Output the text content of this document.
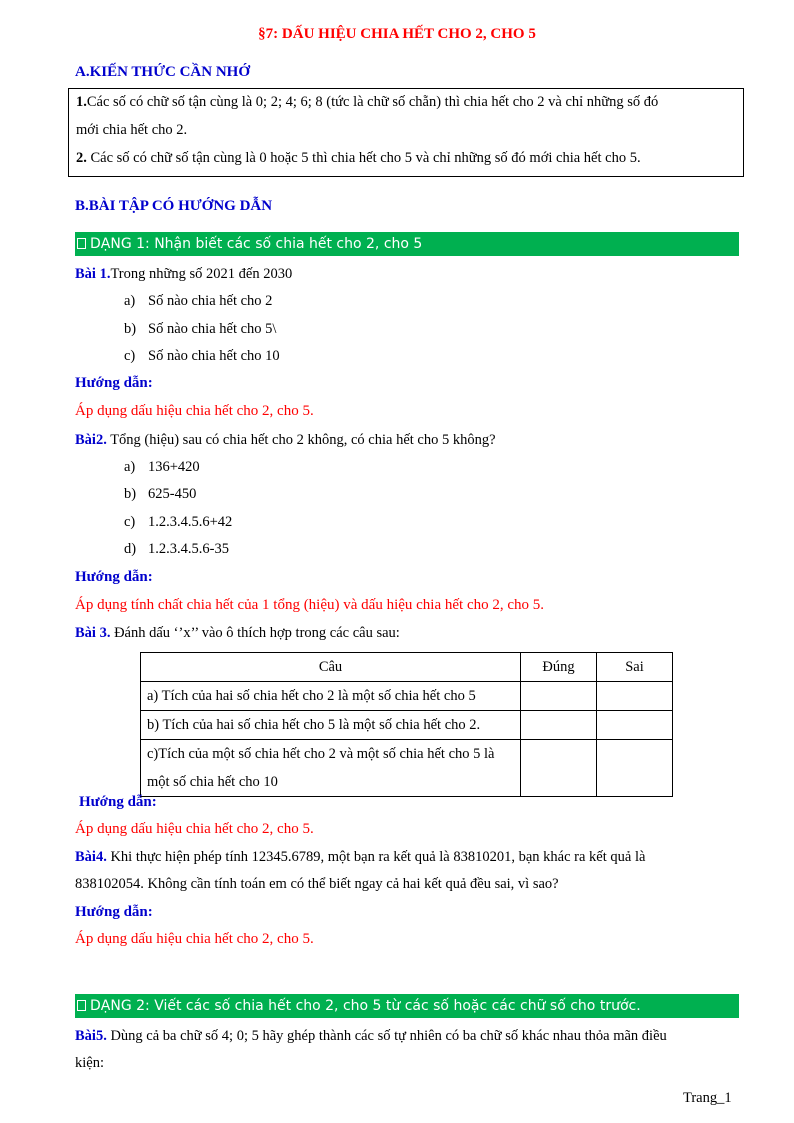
§7: DẤU HIỆU CHIA HẾT CHO 2, CHO 5
A.KIẾN THỨC CẦN NHỚ
1.Các số có chữ số tận cùng là 0; 2; 4; 6; 8 (tức là chữ số chẵn) thì chia hết cho 2 và chỉ những số đó
mới chia hết cho 2.
2. Các số có chữ số tận cùng là 0 hoặc 5 thì chia hết cho 5 và chỉ những số đó mới chia hết cho 5.
B.BÀI TẬP CÓ HƯỚNG DẪN
DẠNG 1: Nhận biết các số chia hết cho 2, cho 5
Bài 1.Trong những số 2021 đến 2030
a) Số nào chia hết cho 2
b) Số nào chia hết cho 5\
c) Số nào chia hết cho 10
Hướng dẫn:
Áp dụng dấu hiệu chia hết cho 2, cho 5.
Bài2. Tổng (hiệu) sau có chia hết cho 2 không, có chia hết cho 5 không?
a) 136+420
b) 625-450
c) 1.2.3.4.5.6+42
d) 1.2.3.4.5.6-35
Hướng dẫn:
Áp dụng tính chất chia hết của 1 tổng (hiệu) và dấu hiệu chia hết cho 2, cho 5.
Bài 3. Đánh dấu ‘’x’’ vào ô thích hợp trong các câu sau:
Câu	Đúng	Sai
a) Tích của hai số chia hết cho 2 là một số chia hết cho 5		
b) Tích của hai số chia hết cho 5 là một số chia hết cho 2.		

c)Tích của một số chia hết cho 2 và một số chia hết cho 5 là
một số chia hết cho 10		

Hướng dẫn:
Áp dụng dấu hiệu chia hết cho 2, cho 5.
Bài4. Khi thực hiện phép tính 12345.6789, một bạn ra kết quả là 83810201, bạn khác ra kết quả là
838102054. Không cần tính toán em có thể biết ngay cả hai kết quả đều sai, vì sao?
Hướng dẫn:
Áp dụng dấu hiệu chia hết cho 2, cho 5.
DẠNG 2: Viết các số chia hết cho 2, cho 5 từ các số hoặc các chữ số cho trước.
Bài5. Dùng cả ba chữ số 4; 0; 5 hãy ghép thành các số tự nhiên có ba chữ số khác nhau thỏa mãn điều
kiện:
Trang_1
